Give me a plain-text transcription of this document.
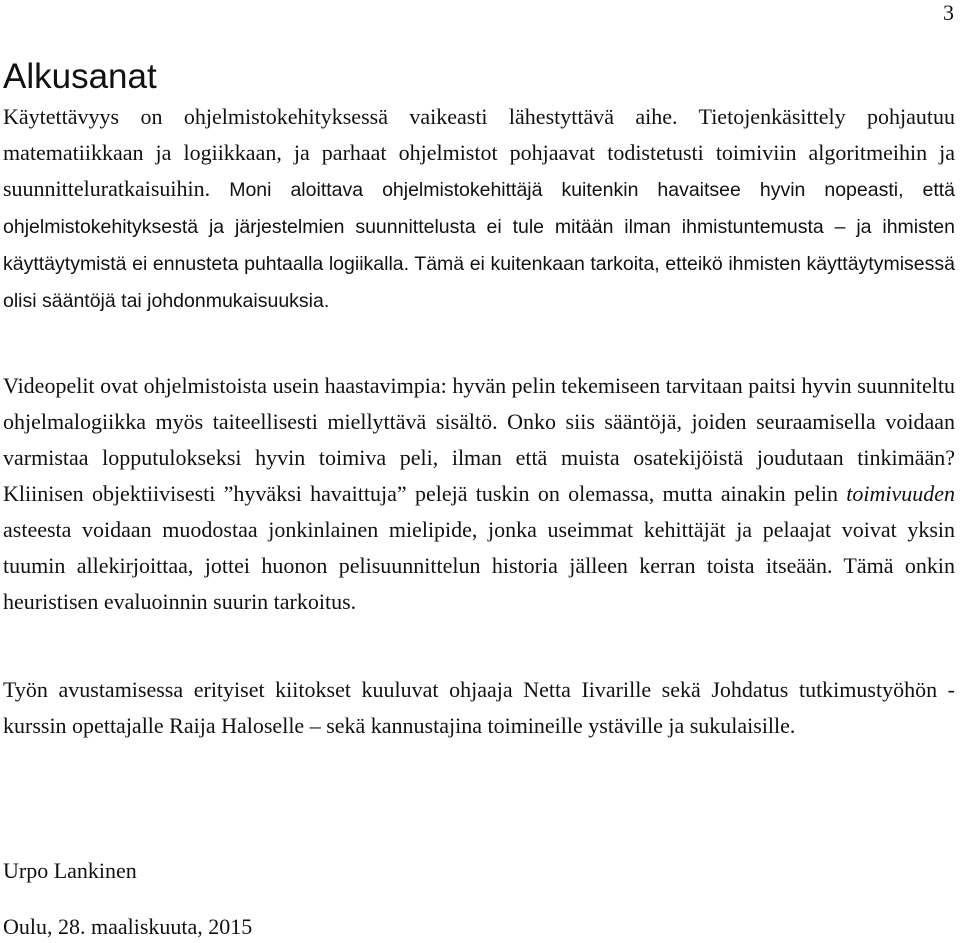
3
Alkusanat

Käytettävyys on ohjelmistokehityksessä vaikeasti lähestyttävä aihe. Tietojenkäsittely pohjautuu matematiikkaan ja logiikkaan, ja parhaat ohjelmistot pohjaavat todistetusti toimiviin algoritmeihin ja suunnitteluratkaisuihin. Moni aloittava ohjelmistokehittäjä kuitenkin havaitsee hyvin nopeasti, että ohjelmistokehityksestä ja järjestelmien suunnittelusta ei tule mitään ilman ihmistuntemusta – ja ihmisten käyttäytymistä ei ennusteta puhtaalla logiikalla. Tämä ei kuitenkaan tarkoita, etteikö ihmisten käyttäytymisessä olisi sääntöjä tai johdonmukaisuuksia.

Videopelit ovat ohjelmistoista usein haastavimpia: hyvän pelin tekemiseen tarvitaan paitsi hyvin suunniteltu ohjelmalogiikka myös taiteellisesti miellyttävä sisältö. Onko siis sääntöjä, joiden seuraamisella voidaan varmistaa lopputulokseksi hyvin toimiva peli, ilman että muista osatekijöistä joudutaan tinkimään? Kliinisen objektiivisesti ”hyväksi havaittuja” pelejä tuskin on olemassa, mutta ainakin pelin toimivuuden asteesta voidaan muodostaa jonkinlainen mielipide, jonka useimmat kehittäjät ja pelaajat voivat yksin tuumin allekirjoittaa, jottei huonon pelisuunnittelun historia jälleen kerran toista itseään. Tämä onkin heuristisen evaluoinnin suurin tarkoitus.

Työn avustamisessa erityiset kiitokset kuuluvat ohjaaja Netta Iivarille sekä Johdatus tutkimustyöhön -kurssin opettajalle Raija Haloselle – sekä kannustajina toimineille ystäville ja sukulaisille.

Urpo Lankinen

Oulu, 28. maaliskuuta, 2015
